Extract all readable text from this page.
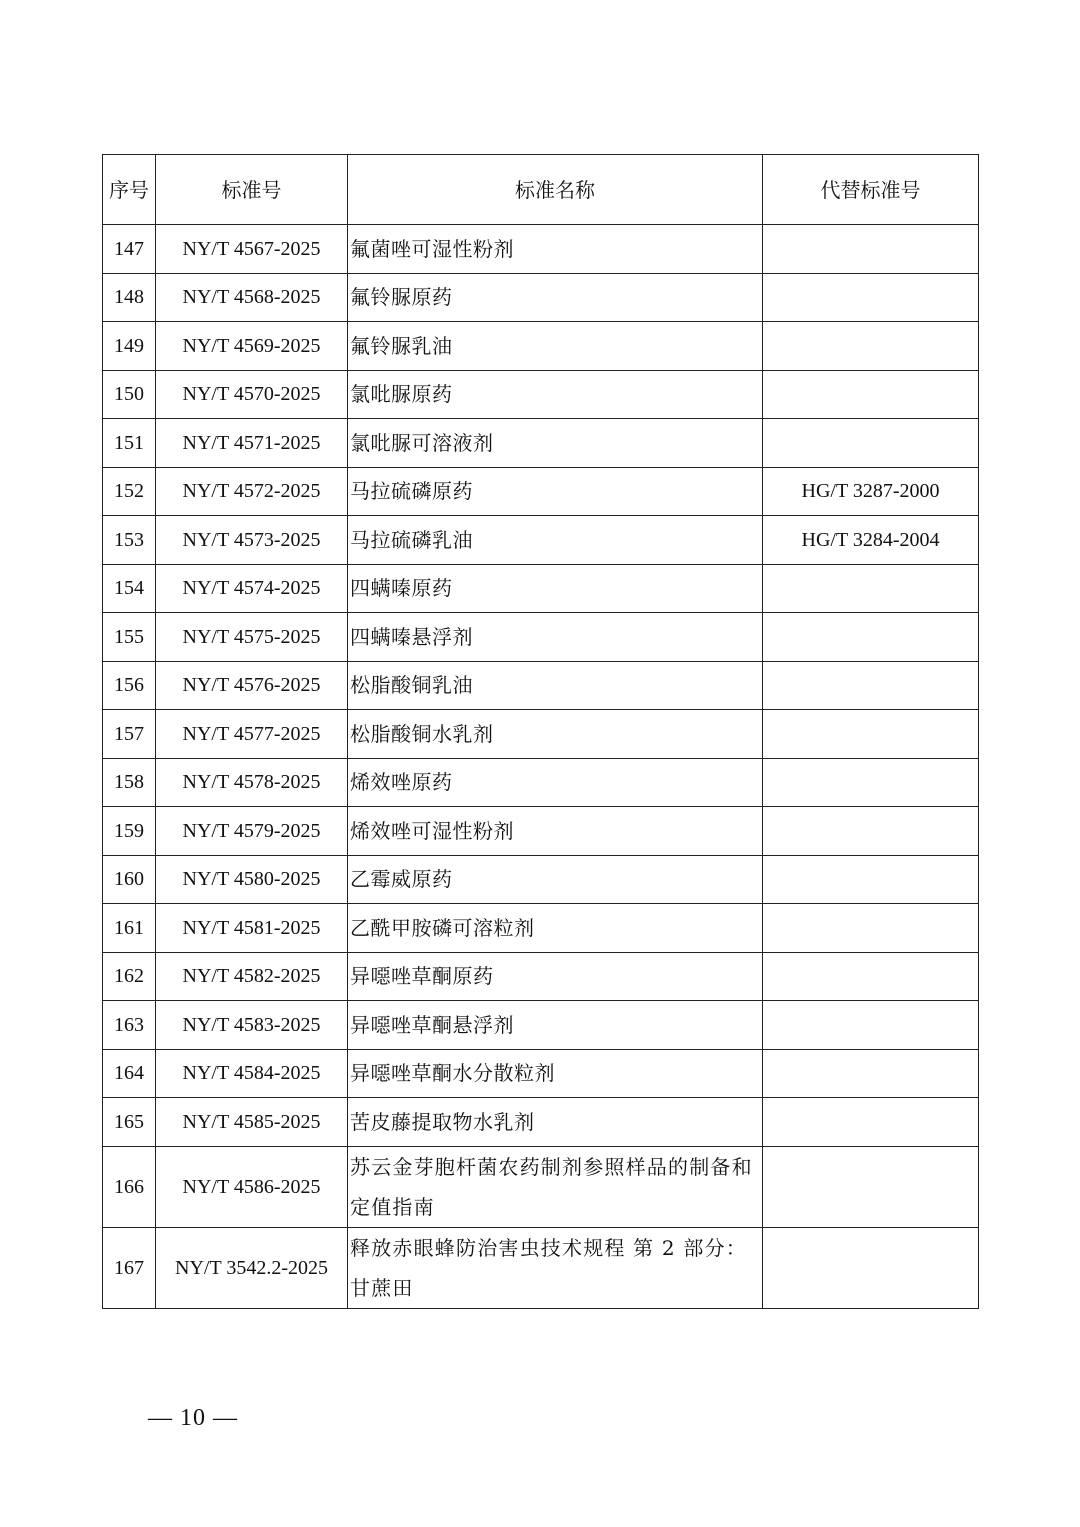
序号	标准号	标准名称	代替标准号
147	NY/T 4567-2025	氟菌唑可湿性粉剂	
148	NY/T 4568-2025	氟铃脲原药	
149	NY/T 4569-2025	氟铃脲乳油	
150	NY/T 4570-2025	氯吡脲原药	
151	NY/T 4571-2025	氯吡脲可溶液剂	
152	NY/T 4572-2025	马拉硫磷原药	HG/T 3287-2000
153	NY/T 4573-2025	马拉硫磷乳油	HG/T 3284-2004
154	NY/T 4574-2025	四螨嗪原药	
155	NY/T 4575-2025	四螨嗪悬浮剂	
156	NY/T 4576-2025	松脂酸铜乳油	
157	NY/T 4577-2025	松脂酸铜水乳剂	
158	NY/T 4578-2025	烯效唑原药	
159	NY/T 4579-2025	烯效唑可湿性粉剂	
160	NY/T 4580-2025	乙霉威原药	
161	NY/T 4581-2025	乙酰甲胺磷可溶粒剂	
162	NY/T 4582-2025	异噁唑草酮原药	
163	NY/T 4583-2025	异噁唑草酮悬浮剂	
164	NY/T 4584-2025	异噁唑草酮水分散粒剂	
165	NY/T 4585-2025	苦皮藤提取物水乳剂	
166	NY/T 4586-2025	苏云金芽胞杆菌农药制剂参照样品的制备和定值指南	
167	NY/T 3542.2-2025	释放赤眼蜂防治害虫技术规程 第 2 部分：甘蔗田	
— 10 —
